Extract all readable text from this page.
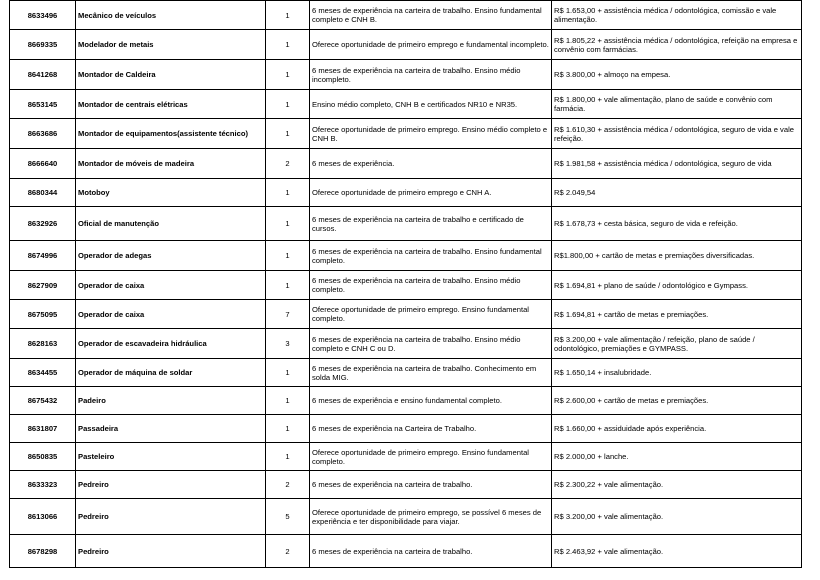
8633496	Mecânico de veículos	1	6 meses de experiência na carteira de trabalho. Ensino fundamental completo e CNH B.	R$ 1.653,00 + assistência médica / odontológica, comissão e vale alimentação.
8669335	Modelador de metais	1	Oferece oportunidade de primeiro emprego e fundamental incompleto.	R$ 1.805,22 + assistência médica / odontológica, refeição na empresa e convênio com farmácias.
8641268	Montador de Caldeira	1	6 meses de experiência na carteira de trabalho. Ensino médio incompleto.	R$ 3.800,00 + almoço na empesa.
8653145	Montador de centrais elétricas	1	Ensino médio completo, CNH B e certificados NR10 e NR35.	R$ 1.800,00 + vale alimentação, plano de saúde e convênio com farmácia.
8663686	Montador de equipamentos(assistente técnico)	1	Oferece oportunidade de primeiro emprego. Ensino médio completo e CNH B.	R$ 1.610,30 + assistência médica / odontológica, seguro de vida e vale refeição.
8666640	Montador de móveis de madeira	2	6 meses de experiência.	R$ 1.981,58 + assistência médica / odontológica, seguro de vida
8680344	Motoboy	1	Oferece oportunidade de primeiro emprego e CNH A.	R$ 2.049,54
8632926	Oficial de manutenção	1	6 meses de experiência na carteira de trabalho e certificado de cursos.	R$ 1.678,73 + cesta básica, seguro de vida e refeição.
8674996	Operador de adegas	1	6 meses de experiência na carteira de trabalho. Ensino fundamental completo.	R$1.800,00 + cartão de metas e premiações diversificadas.
8627909	Operador de caixa	1	6 meses de experiência na carteira de trabalho. Ensino médio completo.	R$ 1.694,81 + plano de saúde / odontológico e Gympass.
8675095	Operador de caixa	7	Oferece oportunidade de primeiro emprego. Ensino fundamental completo.	R$ 1.694,81 + cartão de metas e premiações.
8628163	Operador de escavadeira hidráulica	3	6 meses de experiência na carteira de trabalho. Ensino médio completo e CNH C ou D.	R$ 3.200,00 + vale alimentação / refeição, plano de saúde / odontológico, premiações e GYMPASS.
8634455	Operador de máquina de soldar	1	6 meses de experiência na carteira de trabalho. Conhecimento em solda MIG.	R$ 1.650,14 + insalubridade.
8675432	Padeiro	1	6 meses de experiência e ensino fundamental completo.	R$ 2.600,00 + cartão de metas e premiações.
8631807	Passadeira	1	6 meses de experiência na Carteira de Trabalho.	R$ 1.660,00 + assiduidade após experiência.
8650835	Pasteleiro	1	Oferece oportunidade de primeiro emprego. Ensino fundamental completo.	R$ 2.000,00 + lanche.
8633323	Pedreiro	2	6 meses de experiência na carteira de trabalho.	R$ 2.300,22 + vale alimentação.
8613066	Pedreiro	5	Oferece oportunidade de primeiro emprego, se possível 6 meses de experiência e ter disponibilidade para viajar.	R$ 3.200,00 + vale alimentação.
8678298	Pedreiro	2	6 meses de experiência na carteira de trabalho.	R$ 2.463,92 + vale alimentação.
